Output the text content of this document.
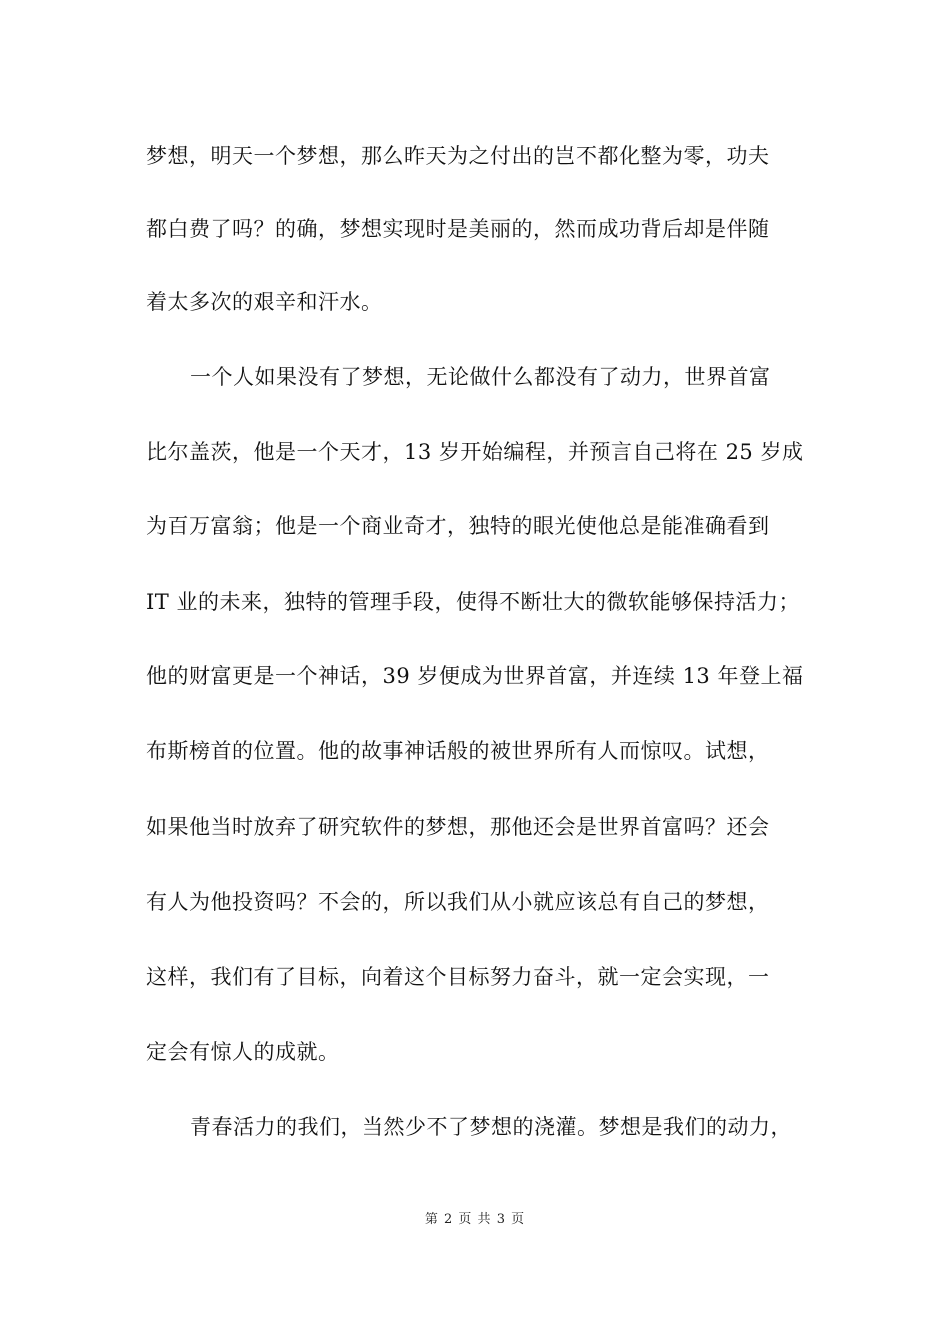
梦想，明天一个梦想，那么昨天为之付出的岂不都化整为零，功夫
都白费了吗？的确，梦想实现时是美丽的，然而成功背后却是伴随
着太多次的艰辛和汗水。
一个人如果没有了梦想，无论做什么都没有了动力，世界首富
比尔盖茨，他是一个天才，13 岁开始编程，并预言自己将在 25 岁成
为百万富翁；他是一个商业奇才，独特的眼光使他总是能准确看到
IT 业的未来，独特的管理手段，使得不断壮大的微软能够保持活力；
他的财富更是一个神话，39 岁便成为世界首富，并连续 13 年登上福
布斯榜首的位置。他的故事神话般的被世界所有人而惊叹。试想，
如果他当时放弃了研究软件的梦想，那他还会是世界首富吗？还会
有人为他投资吗？不会的，所以我们从小就应该总有自己的梦想，
这样，我们有了目标，向着这个目标努力奋斗，就一定会实现，一
定会有惊人的成就。
青春活力的我们，当然少不了梦想的浇灌。梦想是我们的动力，
第 2 页 共 3 页
